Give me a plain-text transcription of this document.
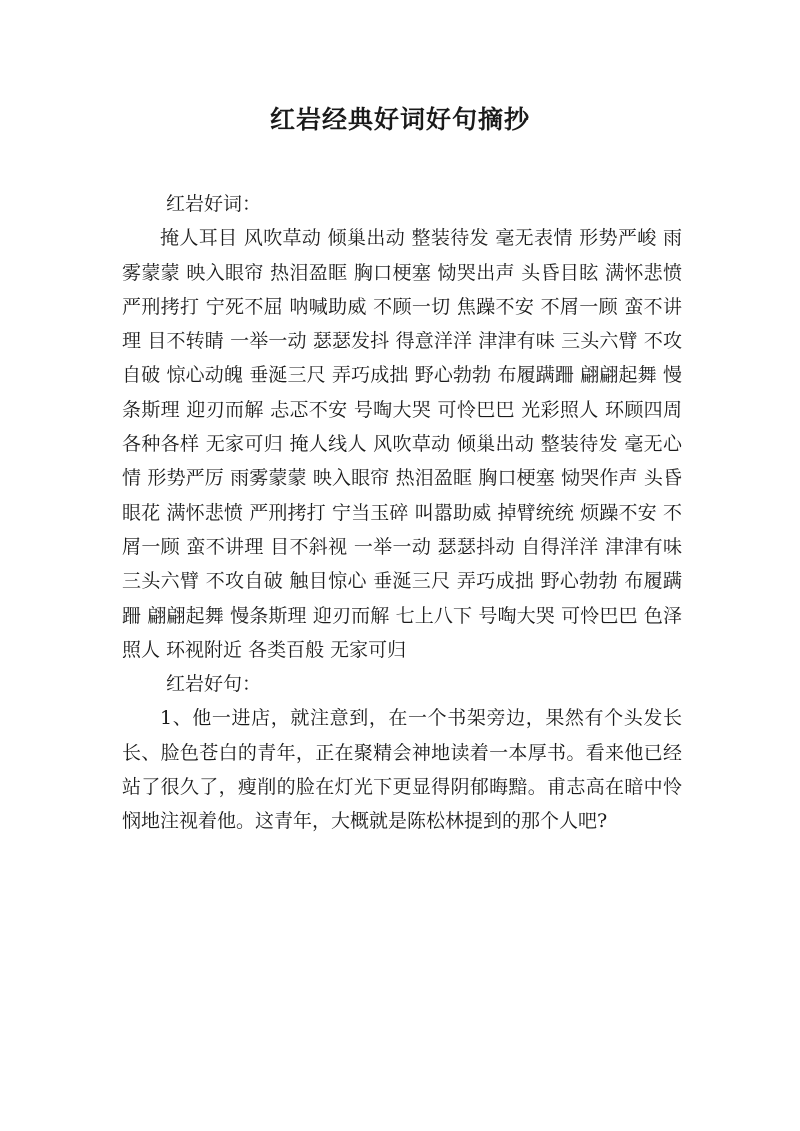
红岩经典好词好句摘抄

红岩好词：

掩人耳目 风吹草动 倾巢出动 整装待发 毫无表情 形势严峻 雨雾蒙蒙 映入眼帘 热泪盈眶 胸口梗塞 恸哭出声 头昏目眩 满怀悲愤 严刑拷打 宁死不屈 呐喊助威 不顾一切 焦躁不安 不屑一顾 蛮不讲理 目不转睛 一举一动 瑟瑟发抖 得意洋洋 津津有味 三头六臂 不攻自破 惊心动魄 垂涎三尺 弄巧成拙 野心勃勃 布履蹒跚 翩翩起舞 慢条斯理 迎刃而解 忐忑不安 号啕大哭 可怜巴巴 光彩照人 环顾四周 各种各样 无家可归 掩人线人 风吹草动 倾巢出动 整装待发 毫无心情 形势严厉 雨雾蒙蒙 映入眼帘 热泪盈眶 胸口梗塞 恸哭作声 头昏眼花 满怀悲愤 严刑拷打 宁当玉碎 叫嚣助威 掉臂统统 烦躁不安 不屑一顾 蛮不讲理 目不斜视 一举一动 瑟瑟抖动 自得洋洋 津津有味 三头六臂 不攻自破 触目惊心 垂涎三尺 弄巧成拙 野心勃勃 布履蹒跚 翩翩起舞 慢条斯理 迎刃而解 七上八下 号啕大哭 可怜巴巴 色泽照人 环视附近 各类百般 无家可归

红岩好句：

1、他一进店，就注意到，在一个书架旁边，果然有个头发长长、脸色苍白的青年，正在聚精会神地读着一本厚书。看来他已经站了很久了，瘦削的脸在灯光下更显得阴郁晦黯。甫志高在暗中怜悯地注视着他。这青年，大概就是陈松林提到的那个人吧?
